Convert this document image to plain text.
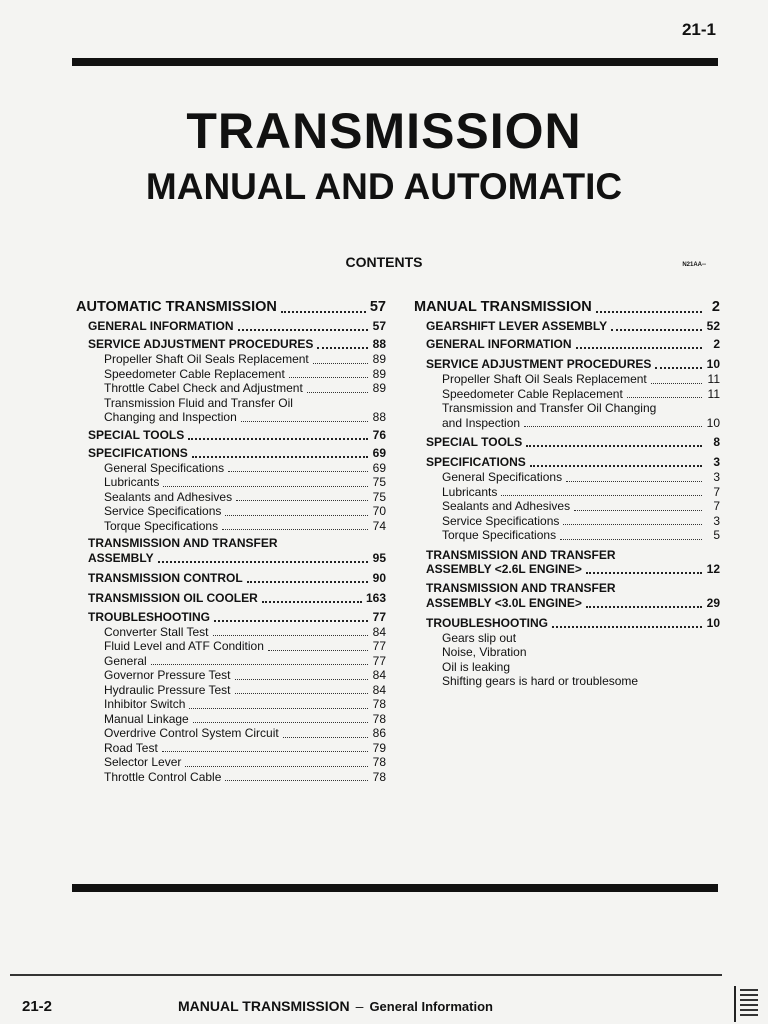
21-1
TRANSMISSION
MANUAL AND AUTOMATIC
CONTENTS	N21AA--
AUTOMATIC TRANSMISSION	57
GENERAL INFORMATION	57
SERVICE ADJUSTMENT PROCEDURES	88
Propeller Shaft Oil Seals Replacement	89
Speedometer Cable Replacement	89
Throttle Cabel Check and Adjustment	89
Transmission Fluid and Transfer Oil
Changing and Inspection	88
SPECIAL TOOLS	76
SPECIFICATIONS	69
General Specifications	69
Lubricants	75
Sealants and Adhesives	75
Service Specifications	70
Torque Specifications	74
TRANSMISSION AND TRANSFER
ASSEMBLY	95
TRANSMISSION CONTROL	90
TRANSMISSION OIL COOLER	163
TROUBLESHOOTING	77
Converter Stall Test	84
Fluid Level and ATF Condition	77
General	77
Governor Pressure Test	84
Hydraulic Pressure Test	84
Inhibitor Switch	78
Manual Linkage	78
Overdrive Control System Circuit	86
Road Test	79
Selector Lever	78
Throttle Control Cable	78
MANUAL TRANSMISSION	2
GEARSHIFT LEVER ASSEMBLY	52
GENERAL INFORMATION	2
SERVICE ADJUSTMENT PROCEDURES	10
Propeller Shaft Oil Seals Replacement	11
Speedometer Cable Replacement	11
Transmission and Transfer Oil Changing
and Inspection	10
SPECIAL TOOLS	8
SPECIFICATIONS	3
General Specifications	3
Lubricants	7
Sealants and Adhesives	7
Service Specifications	3
Torque Specifications	5
TRANSMISSION AND TRANSFER
ASSEMBLY <2.6L ENGINE>	12
TRANSMISSION AND TRANSFER
ASSEMBLY <3.0L ENGINE>	29
TROUBLESHOOTING	10
Gears slip out
Noise, Vibration
Oil is leaking
Shifting gears is hard or troublesome
21-2	MANUAL TRANSMISSION – General Information
